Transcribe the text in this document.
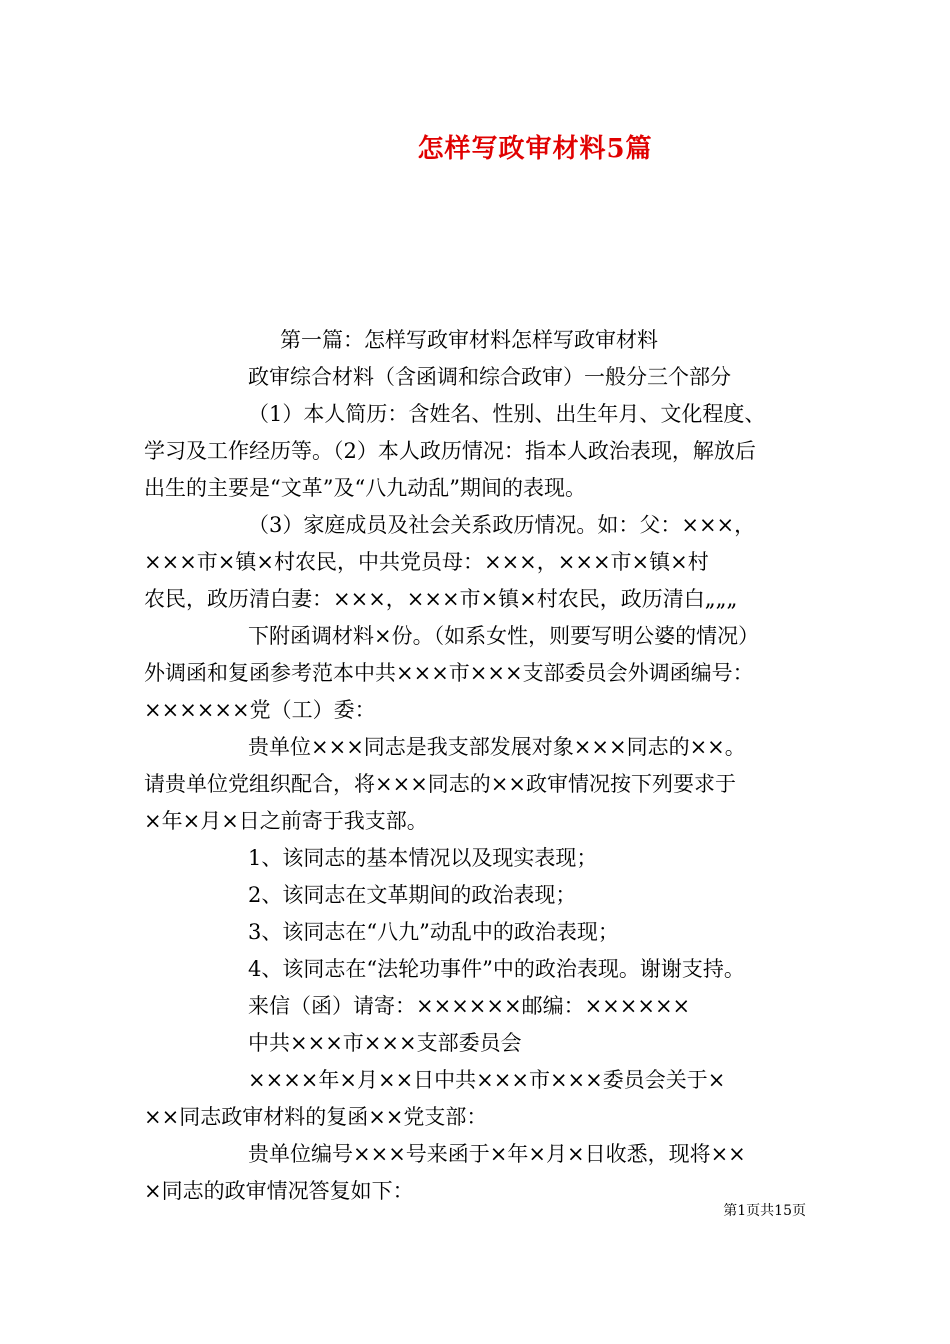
怎样写政审材料5篇
第一篇：怎样写政审材料怎样写政审材料
政审综合材料（含函调和综合政审）一般分三个部分
（1）本人简历：含姓名、性别、出生年月、文化程度、
学习及工作经历等。（2）本人政历情况：指本人政治表现，解放后
出生的主要是“文革”及“八九动乱”期间的表现。
（3）家庭成员及社会关系政历情况。如：父：×××，
×××市×镇×村农民，中共党员母：×××，×××市×镇×村
农民，政历清白妻：×××，×××市×镇×村农民，政历清白„„„
下附函调材料×份。（如系女性，则要写明公婆的情况）
外调函和复函参考范本中共×××市×××支部委员会外调函编号：
××××××党（工）委：
贵单位×××同志是我支部发展对象×××同志的××。
请贵单位党组织配合，将×××同志的××政审情况按下列要求于
×年×月×日之前寄于我支部。
1、该同志的基本情况以及现实表现；
2、该同志在文革期间的政治表现；
3、该同志在“八九”动乱中的政治表现；
4、该同志在“法轮功事件”中的政治表现。谢谢支持。
来信（函）请寄：××××××邮编：××××××
中共×××市×××支部委员会
××××年×月××日中共×××市×××委员会关于×
××同志政审材料的复函××党支部：
贵单位编号×××号来函于×年×月×日收悉，现将××
×同志的政审情况答复如下：
第1页共15页
